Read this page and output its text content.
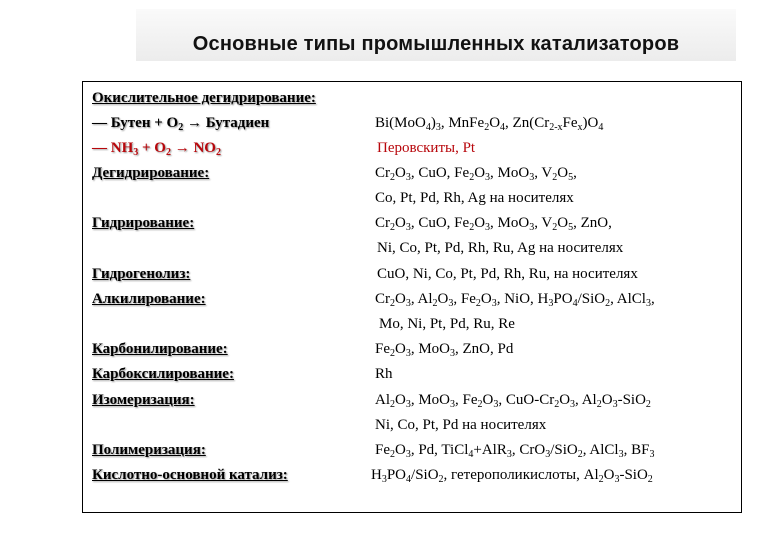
Основные типы промышленных катализаторов
Окислительное дегидрирование:
— Бутен + $O_2$ → Бутадиен	$Bi(MoO_4)_3$, $MnFe_2O_4$, $Zn(Cr_{2-x}Fe_x)O_4$
— $NH_3 + O_2 \to NO_2$	Перовскиты, Pt
Дегидрирование:	$Cr_2O_3$, CuO, $Fe_2O_3$, MoO$_3$, $V_2O_5$,
Co, Pt, Pd, Rh, Ag на носителях
Гидрирование:	$Cr_2O_3$, CuO, $Fe_2O_3$, MoO$_3$, $V_2O_5$, ZnO,
Ni, Co, Pt, Pd, Rh, Ru, Ag на носителях
Гидрогенолиз:	CuO, Ni, Co, Pt, Pd, Rh, Ru, на носителях
Алкилирование:	$Cr_2O_3$, $Al_2O_3$, $Fe_2O_3$, NiO, $H_3PO_4/SiO_2$, AlCl$_3$,
Mo, Ni, Pt, Pd, Ru, Re
Карбонилирование:	$Fe_2O_3$, MoO$_3$, ZnO, Pd
Карбоксилирование:	Rh
Изомеризация:	$Al_2O_3$, MoO$_3$, $Fe_2O_3$, CuO-$Cr_2O_3$, $Al_2O_3-SiO_2$
Ni, Co, Pt, Pd на носителях
Полимеризация:	$Fe_2O_3$, Pd, TiCl$_4$+AlR$_3$, CrO$_3$/SiO$_2$, AlCl$_3$, $BF_3$
Кислотно-основной катализ:	$H_3PO_4/SiO_2$, гетерополикислоты, $Al_2O_3-SiO_2$
